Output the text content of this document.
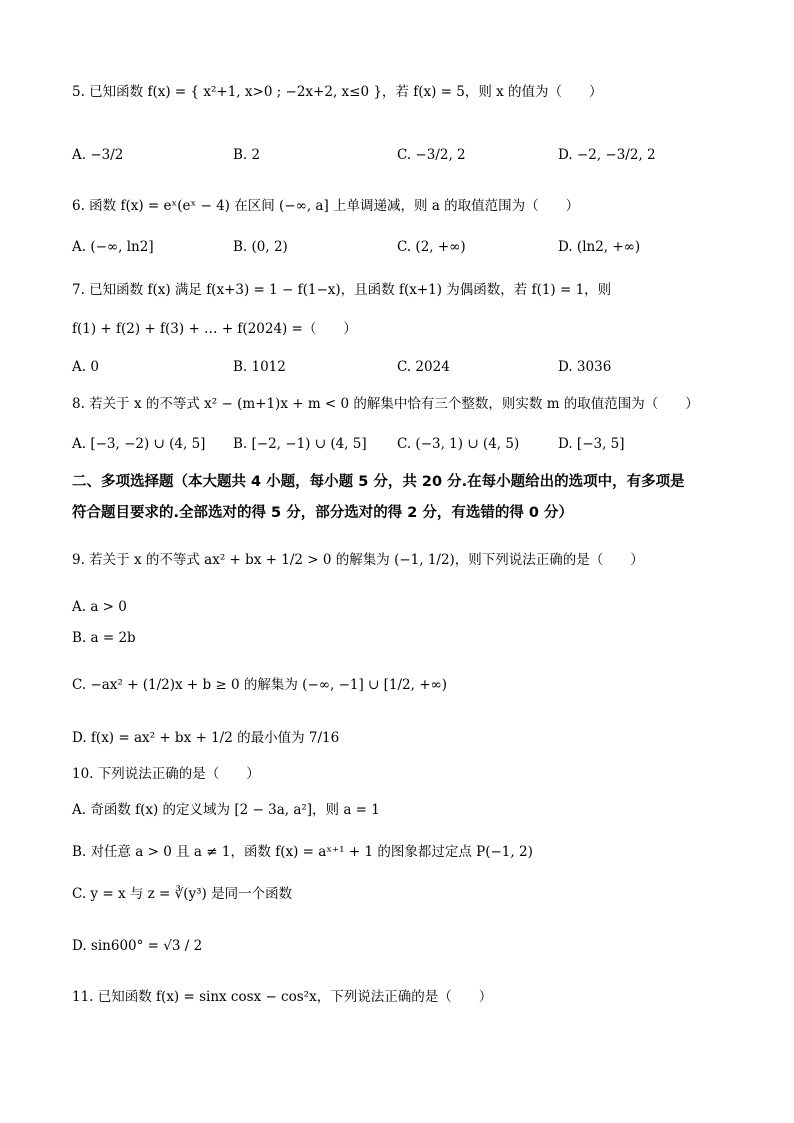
5. 已知函数 f(x) = { x²+1, x>0 ; −2x+2, x≤0 }，若 f(x) = 5，则 x 的值为（　　）
A. −3/2	B. 2	C. −3/2, 2	D. −2, −3/2, 2
6. 函数 f(x) = eˣ(eˣ − 4) 在区间 (−∞, a] 上单调递减，则 a 的取值范围为（　　）
A. (−∞, ln2]	B. (0, 2)	C. (2, +∞)	D. (ln2, +∞)
7. 已知函数 f(x) 满足 f(x+3) = 1 − f(1−x)，且函数 f(x+1) 为偶函数，若 f(1) = 1，则
f(1) + f(2) + f(3) + … + f(2024) =（　　）
A. 0	B. 1012	C. 2024	D. 3036
8. 若关于 x 的不等式 x² − (m+1)x + m < 0 的解集中恰有三个整数，则实数 m 的取值范围为（　　）
A. [−3, −2) ∪ (4, 5] B. [−2, −1) ∪ (4, 5] C. (−3, 1) ∪ (4, 5)	D. [−3, 5]
二、多项选择题（本大题共 4 小题，每小题 5 分，共 20 分.在每小题给出的选项中，有多项是
符合题目要求的.全部选对的得 5 分，部分选对的得 2 分，有选错的得 0 分）
9. 若关于 x 的不等式 ax² + bx + 1/2 > 0 的解集为 (−1, 1/2)，则下列说法正确的是（　　）
A. a > 0
B. a = 2b
C. −ax² + (1/2)x + b ≥ 0 的解集为 (−∞, −1] ∪ [1/2, +∞)
D. f(x) = ax² + bx + 1/2 的最小值为 7/16
10. 下列说法正确的是（　　）
A. 奇函数 f(x) 的定义域为 [2 − 3a, a²]，则 a = 1
B. 对任意 a > 0 且 a ≠ 1，函数 f(x) = aˣ⁺¹ + 1 的图象都过定点 P(−1, 2)
C. y = x 与 z = ∛(y³) 是同一个函数
D. sin600° = √3 / 2
11. 已知函数 f(x) = sinx cosx − cos²x，下列说法正确的是（　　）
